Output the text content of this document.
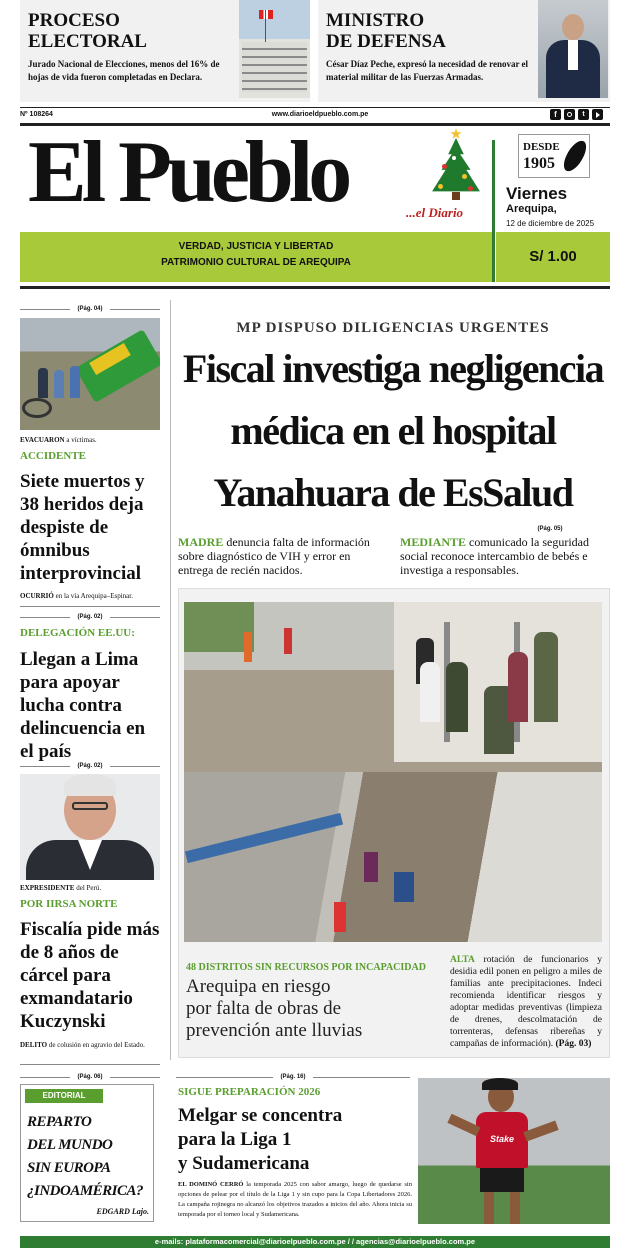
PROCESO
ELECTORAL

Jurado Nacional de Elecciones, menos del 16% de hojas de vida fueron completadas en Declara.

MINISTRO
DE DEFENSA

César Díaz Peche, expresó la necesidad de renovar el material militar de las Fuerzas Armadas.

Nº 108264	www.diarioeldpueblo.com.pe	f	t
El Pueblo	...el Diario
DESDE
1905
Viernes
Arequipa,
12 de diciembre de 2025
VERDAD, JUSTICIA Y LIBERTAD
PATRIMONIO CULTURAL DE AREQUIPA	S/ 1.00
(Pág. 04)
EVACUARON a víctimas.
ACCIDENTE
Siete muertos y 38 heridos deja despiste de ómnibus interprovincial
OCURRIÓ en la vía Arequipa–Espinar.
(Pág. 02)
DELEGACIÓN EE.UU:
Llegan a Lima para apoyar lucha contra delincuencia en el país
(Pág. 02)
EXPRESIDENTE del Perú.
POR IIRSA NORTE
Fiscalía pide más de 8 años de cárcel para exmandatario Kuczynski
DELITO de colusión en agravio del Estado.
MP DISPUSO DILIGENCIAS URGENTES
Fiscal investiga negligencia
médica en el hospital
Yanahuara de EsSalud
(Pág. 05)
MADRE denuncia falta de información sobre diagnóstico de VIH y error en entrega de recién nacidos.
MEDIANTE comunicado la seguridad social reconoce intercambio de bebés e investiga a responsables.
48 DISTRITOS SIN RECURSOS POR INCAPACIDAD
Arequipa en riesgo
por falta de obras de
prevención ante lluvias
ALTA rotación de funcionarios y desidia edil ponen en peligro a miles de familias ante precipitaciones. Indeci recomienda identificar riesgos y adoptar medidas preventivas (limpieza de drenes, descolmatación de torrenteras, defensas ribereñas y campañas de información). (Pág. 03)
(Pág. 06)
EDITORIAL
REPARTO
DEL MUNDO
SIN EUROPA
¿INDOAMÉRICA?
EDGARD Lajo.
(Pág. 16)
SIGUE PREPARACIÓN 2026
Melgar se concentra
para la Liga 1
y Sudamericana
EL DOMINÓ CERRÓ la temporada 2025 con sabor amargo, luego de quedarse sin opciones de pelear por el título de la Liga 1 y sin cupo para la Copa Libertadores 2026. La campaña rojinegra no alcanzó los objetivos trazados a inicios del año. Ahora inicia su temporada por el torneo local y Sudamericana.
Stake
e-mails: plataformacomercial@diarioelpueblo.com.pe / / agencias@diarioelpueblo.com.pe
